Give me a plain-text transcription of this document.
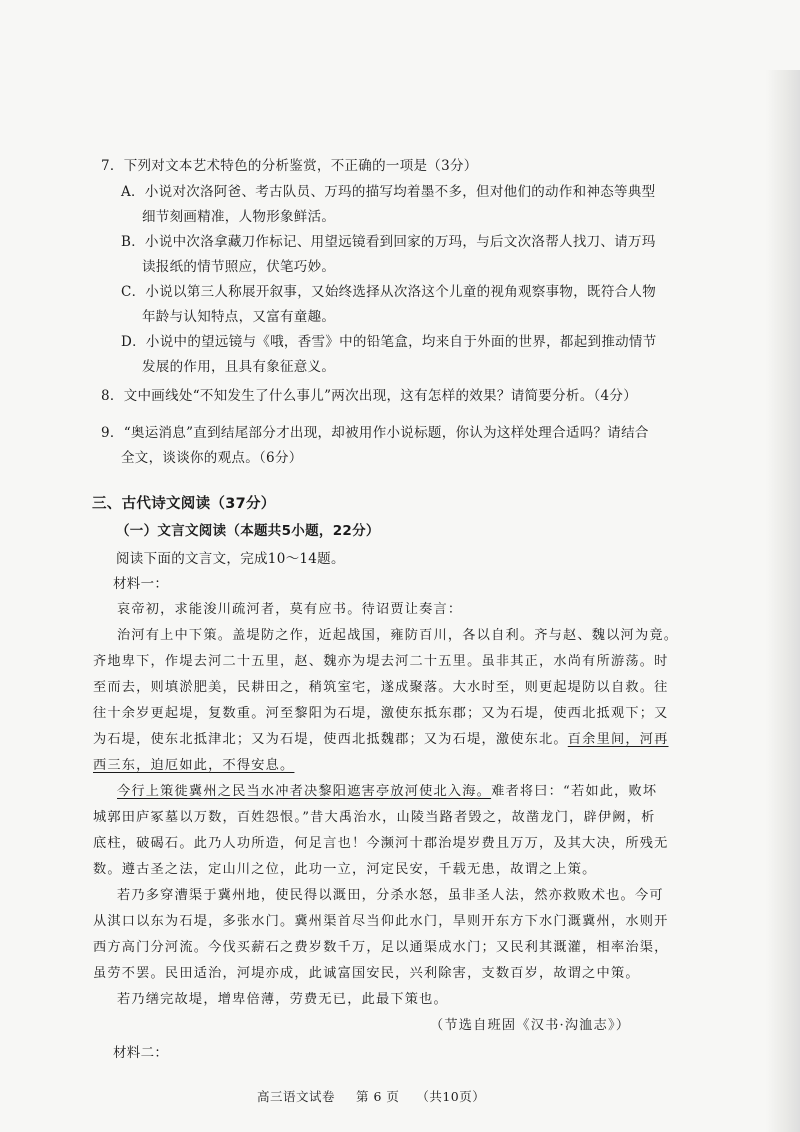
7．下列对文本艺术特色的分析鉴赏，不正确的一项是（3分）
A．小说对次洛阿爸、考古队员、万玛的描写均着墨不多，但对他们的动作和神态等典型
细节刻画精准，人物形象鲜活。
B．小说中次洛拿藏刀作标记、用望远镜看到回家的万玛，与后文次洛帮人找刀、请万玛
读报纸的情节照应，伏笔巧妙。
C．小说以第三人称展开叙事，又始终选择从次洛这个儿童的视角观察事物，既符合人物
年龄与认知特点，又富有童趣。
D．小说中的望远镜与《哦，香雪》中的铅笔盒，均来自于外面的世界，都起到推动情节
发展的作用，且具有象征意义。
8．文中画线处“不知发生了什么事儿”两次出现，这有怎样的效果？请简要分析。（4分）
9．“奥运消息”直到结尾部分才出现，却被用作小说标题，你认为这样处理合适吗？请结合
全文，谈谈你的观点。（6分）
三、古代诗文阅读（37分）
（一）文言文阅读（本题共5小题，22分）
阅读下面的文言文，完成10～14题。
材料一：
哀帝初，求能浚川疏河者，莫有应书。待诏贾让奏言：
治河有上中下策。盖堤防之作，近起战国，雍防百川，各以自利。齐与赵、魏以河为竟。
齐地卑下，作堤去河二十五里，赵、魏亦为堤去河二十五里。虽非其正，水尚有所游荡。时
至而去，则填淤肥美，民耕田之，稍筑室宅，遂成聚落。大水时至，则更起堤防以自救。往
往十余岁更起堤，复数重。河至黎阳为石堤，激使东抵东郡；又为石堤，使西北抵观下；又
为石堤，使东北抵津北；又为石堤，使西北抵魏郡；又为石堤，激使东北。百余里间，河再
西三东，迫厄如此，不得安息。
今行上策徙冀州之民当水冲者决黎阳遮害亭放河使北入海。难者将曰：“若如此，败坏
城郭田庐冢墓以万数，百姓怨恨。”昔大禹治水，山陵当路者毁之，故凿龙门，辟伊阙，析
底柱，破碣石。此乃人功所造，何足言也！今濒河十郡治堤岁费且万万，及其大决，所残无
数。遵古圣之法，定山川之位，此功一立，河定民安，千载无患，故谓之上策。
若乃多穿漕渠于冀州地，使民得以溉田，分杀水怒，虽非圣人法，然亦救败术也。今可
从淇口以东为石堤，多张水门。冀州渠首尽当仰此水门，旱则开东方下水门溉冀州，水则开
西方高门分河流。今伐买薪石之费岁数千万，足以通渠成水门；又民利其溉灌，相率治渠，
虽劳不罢。民田适治，河堤亦成，此诚富国安民，兴利除害，支数百岁，故谓之中策。
若乃缮完故堤，增卑倍薄，劳费无已，此最下策也。
（节选自班固《汉书·沟洫志》）
材料二：
高三语文试卷 第 6 页 （共10页）
